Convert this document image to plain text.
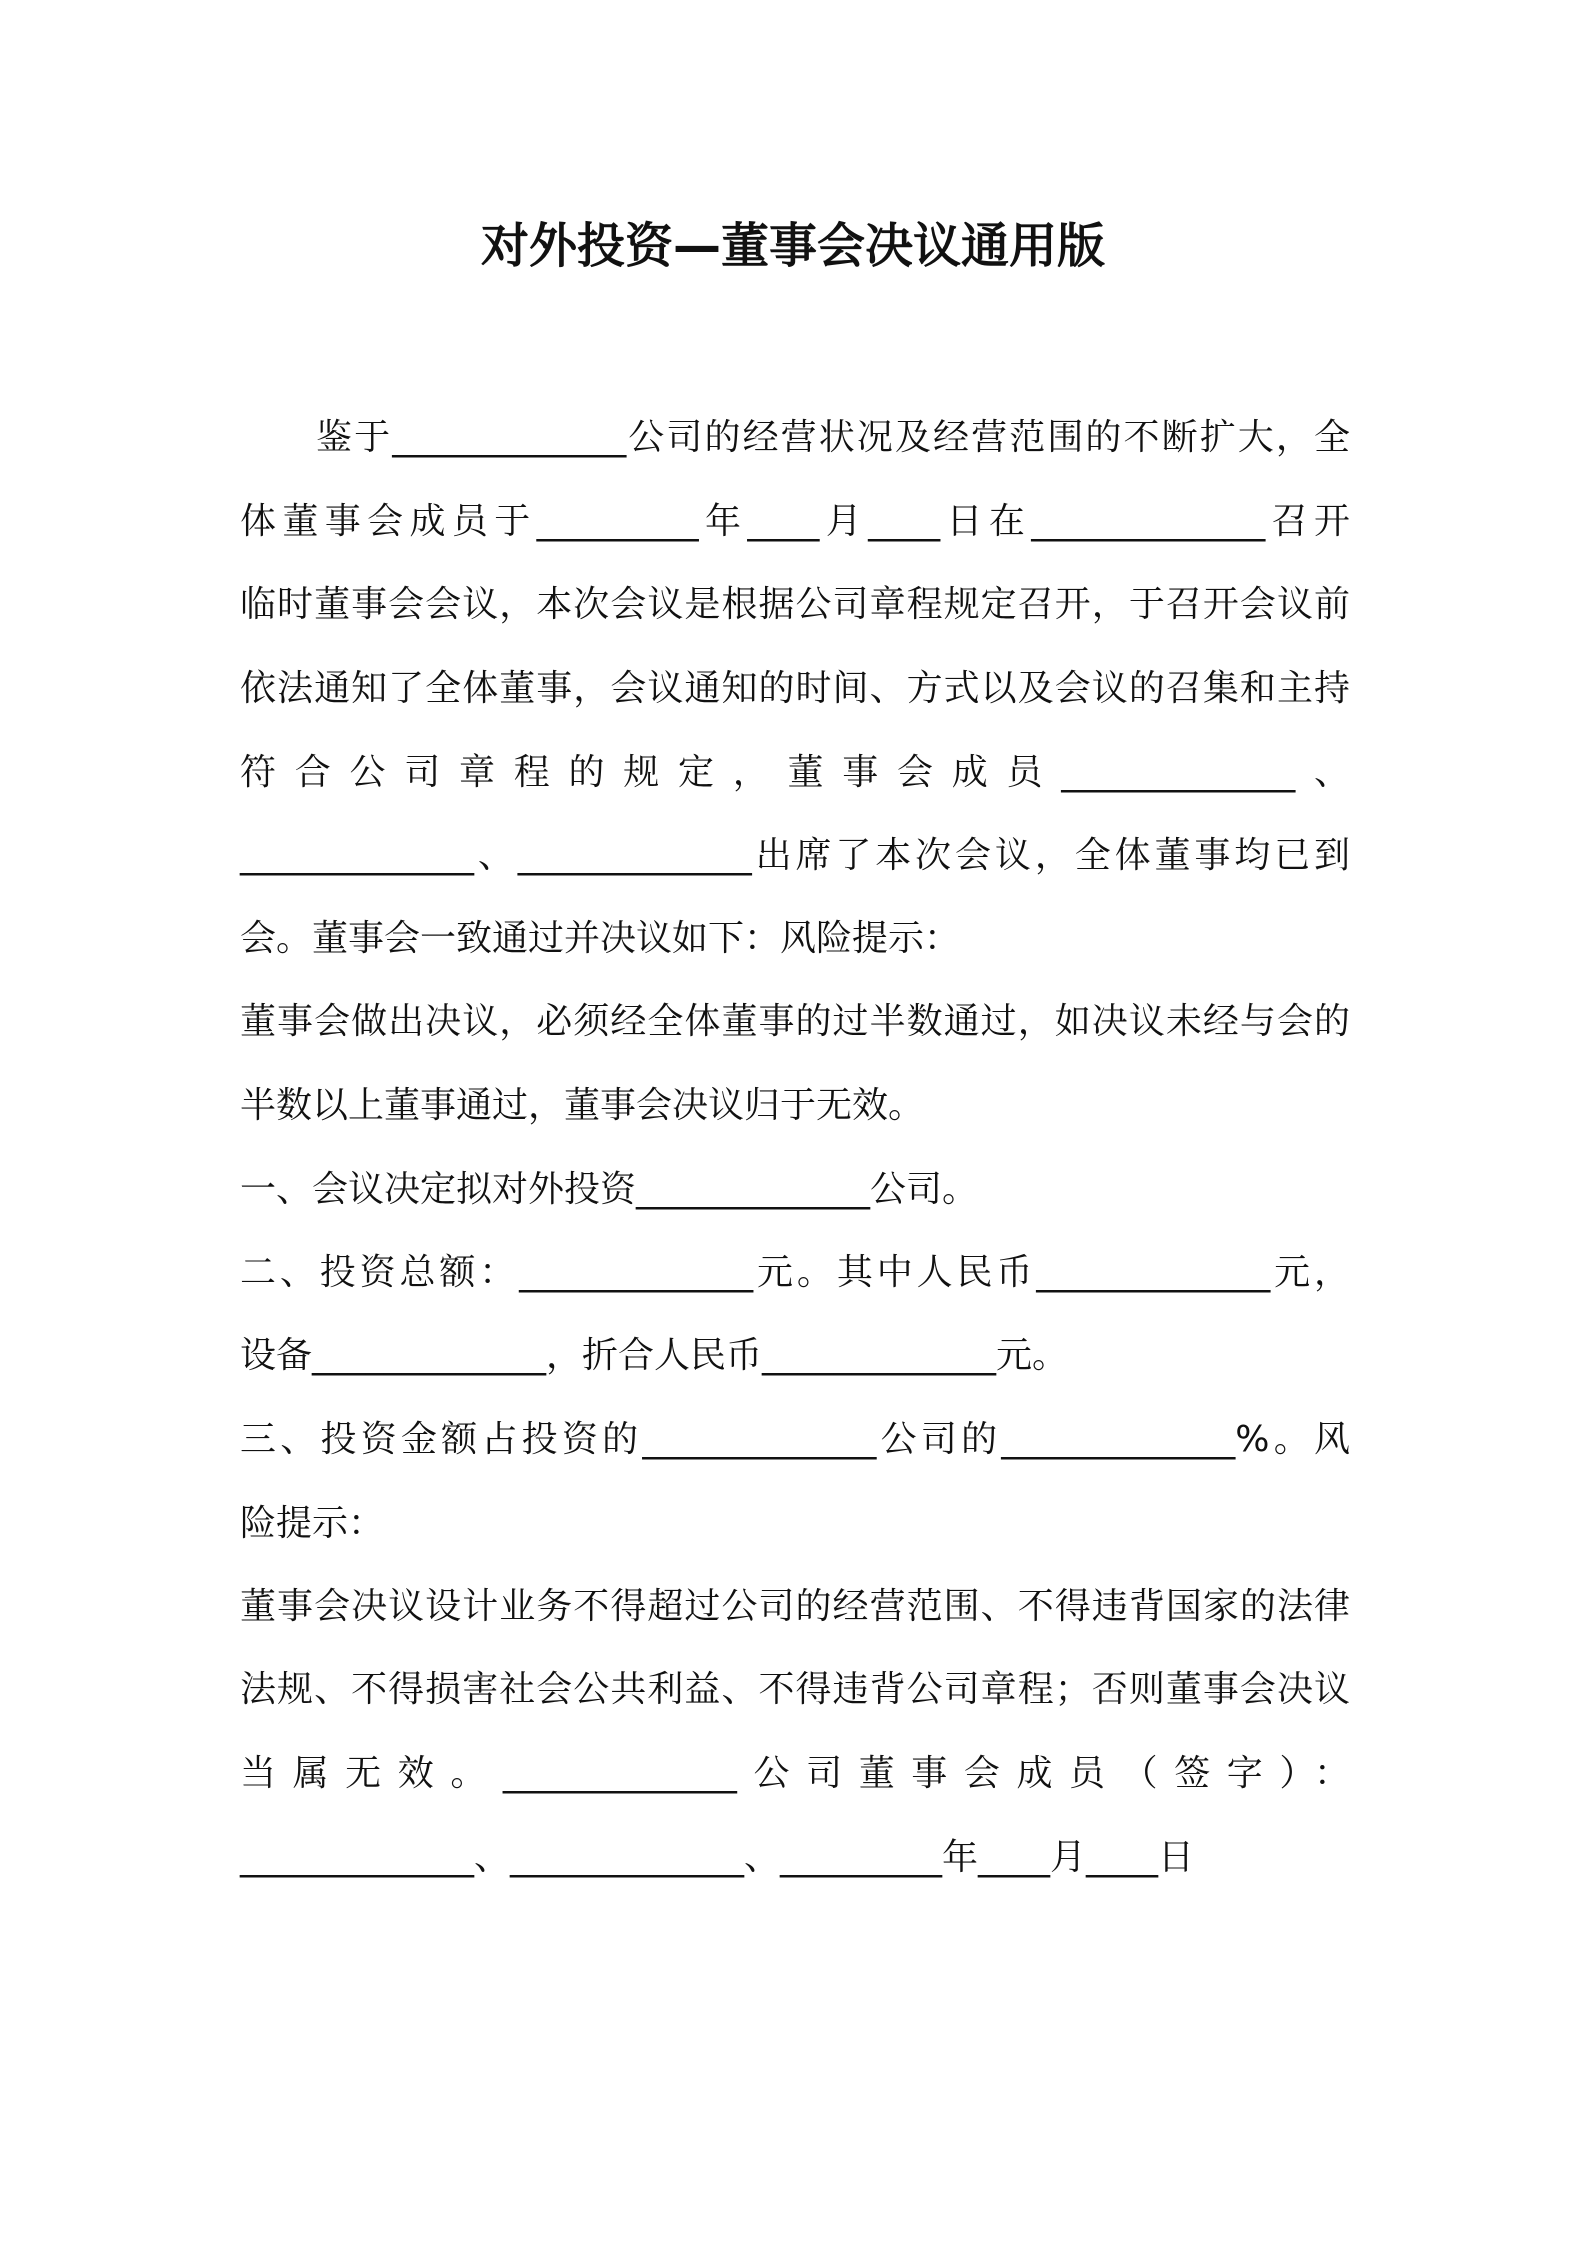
对外投资—董事会决议通用版
鉴于_____________公司的经营状况及经营范围的不断扩大，全
体董事会成员于_________年____月____日在_____________召开
临时董事会会议，本次会议是根据公司章程规定召开，于召开会议前
依法通知了全体董事，会议通知的时间、方式以及会议的召集和主持
符合公司章程的规定，董事会成员_____________、
_____________、_____________出席了本次会议，全体董事均已到
会。董事会一致通过并决议如下：风险提示：
董事会做出决议，必须经全体董事的过半数通过，如决议未经与会的
半数以上董事通过，董事会决议归于无效。
一、会议决定拟对外投资_____________公司。
二、投资总额：_____________元。其中人民币_____________元，
设备_____________，折合人民币_____________元。
三、投资金额占投资的_____________公司的_____________%。风
险提示：
董事会决议设计业务不得超过公司的经营范围、不得违背国家的法律
法规、不得损害社会公共利益、不得违背公司章程；否则董事会决议
当属无效。_____________公司董事会成员（签字）：
_____________、_____________、_________年____月____日
